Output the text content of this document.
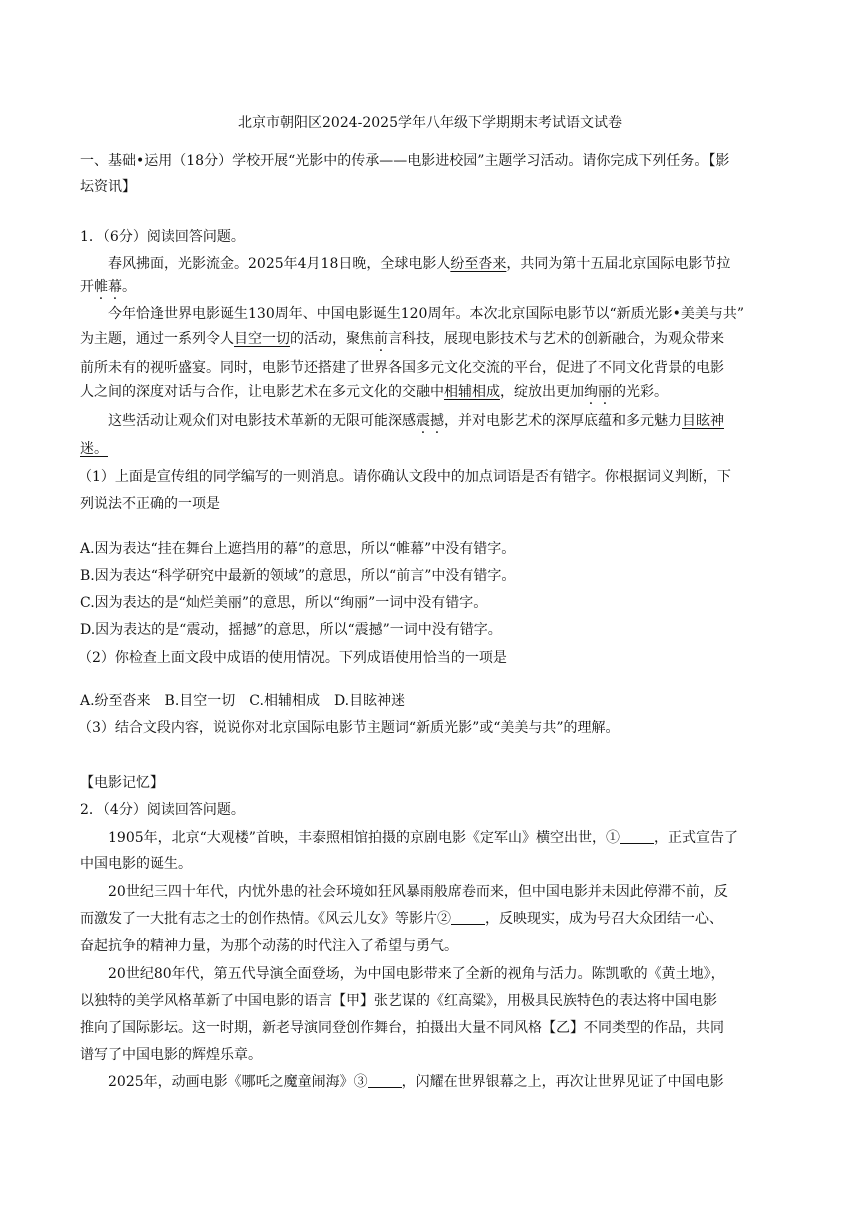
北京市朝阳区2024-2025学年八年级下学期期末考试语文试卷
一、基础•运用（18分）学校开展“光影中的传承——电影进校园”主题学习活动。请你完成下列任务。【影
坛资讯】
1．（6分）阅读回答问题。
春风拂面，光影流金。2025年4月18日晚，全球电影人纷至沓来，共同为第十五届北京国际电影节拉
开帷幕。
今年恰逢世界电影诞生130周年、中国电影诞生120周年。本次北京国际电影节以“新质光影•美美与共”
为主题，通过一系列令人目空一切的活动，聚焦前言科技，展现电影技术与艺术的创新融合，为观众带来
前所未有的视听盛宴。同时，电影节还搭建了世界各国多元文化交流的平台，促进了不同文化背景的电影
人之间的深度对话与合作，让电影艺术在多元文化的交融中相辅相成，绽放出更加绚丽的光彩。
这些活动让观众们对电影技术革新的无限可能深感震撼，并对电影艺术的深厚底蕴和多元魅力目眩神
迷。
（1）上面是宣传组的同学编写的一则消息。请你确认文段中的加点词语是否有错字。你根据词义判断，下
列说法不正确的一项是
A.因为表达“挂在舞台上遮挡用的幕”的意思，所以“帷幕”中没有错字。
B.因为表达“科学研究中最新的领域”的意思，所以“前言”中没有错字。
C.因为表达的是“灿烂美丽”的意思，所以“绚丽”一词中没有错字。
D.因为表达的是“震动，摇撼”的意思，所以“震撼”一词中没有错字。
（2）你检查上面文段中成语的使用情况。下列成语使用恰当的一项是
A.纷至沓来　B.目空一切　C.相辅相成　D.目眩神迷
（3）结合文段内容，说说你对北京国际电影节主题词“新质光影”或“美美与共”的理解。
【电影记忆】
2．（4分）阅读回答问题。
1905年，北京“大观楼”首映，丰泰照相馆拍摄的京剧电影《定军山》横空出世，① ，正式宣告了
中国电影的诞生。
20世纪三四十年代，内忧外患的社会环境如狂风暴雨般席卷而来，但中国电影并未因此停滞不前，反
而激发了一大批有志之士的创作热情。《风云儿女》等影片② ，反映现实，成为号召大众团结一心、
奋起抗争的精神力量，为那个动荡的时代注入了希望与勇气。
20世纪80年代，第五代导演全面登场，为中国电影带来了全新的视角与活力。陈凯歌的《黄土地》，
以独特的美学风格革新了中国电影的语言【甲】张艺谋的《红高粱》，用极具民族特色的表达将中国电影
推向了国际影坛。这一时期，新老导演同登创作舞台，拍摄出大量不同风格【乙】不同类型的作品，共同
谱写了中国电影的辉煌乐章。
2025年，动画电影《哪吒之魔童闹海》③ ，闪耀在世界银幕之上，再次让世界见证了中国电影
